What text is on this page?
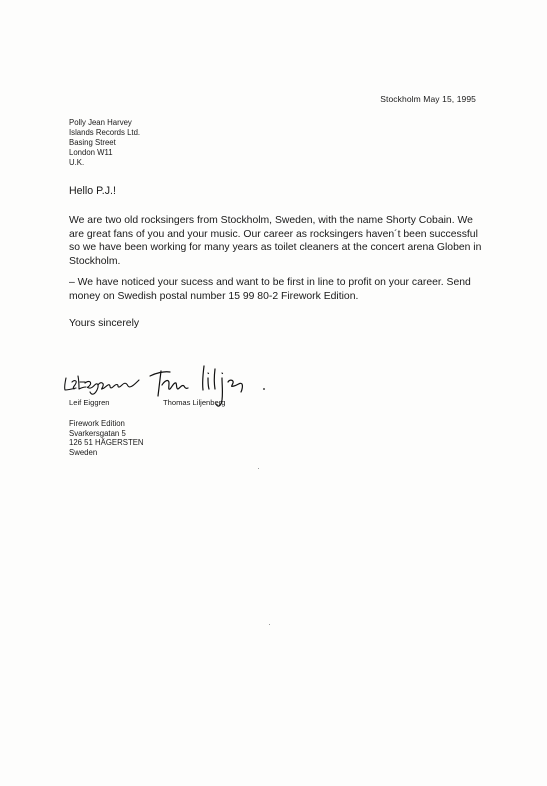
Stockholm May 15, 1995
Polly Jean Harvey
Islands Records Ltd.
Basing Street
London W11
U.K.
Hello P.J.!
We are two old rocksingers from Stockholm, Sweden, with the name Shorty Cobain. We are great fans of you and your music. Our career as rocksingers haven´t been successful so we have been working for many years as toilet cleaners at the concert arena Globen in Stockholm.
– We have noticed your sucess and want to be first in line to profit on your career. Send money on Swedish postal number 15 99 80-2 Firework Edition.
Yours sincerely
Leif Eiggren	Thomas Liljenberg
Firework Edition
Svarkersgatan 5
126 51 HÄGERSTEN
Sweden
